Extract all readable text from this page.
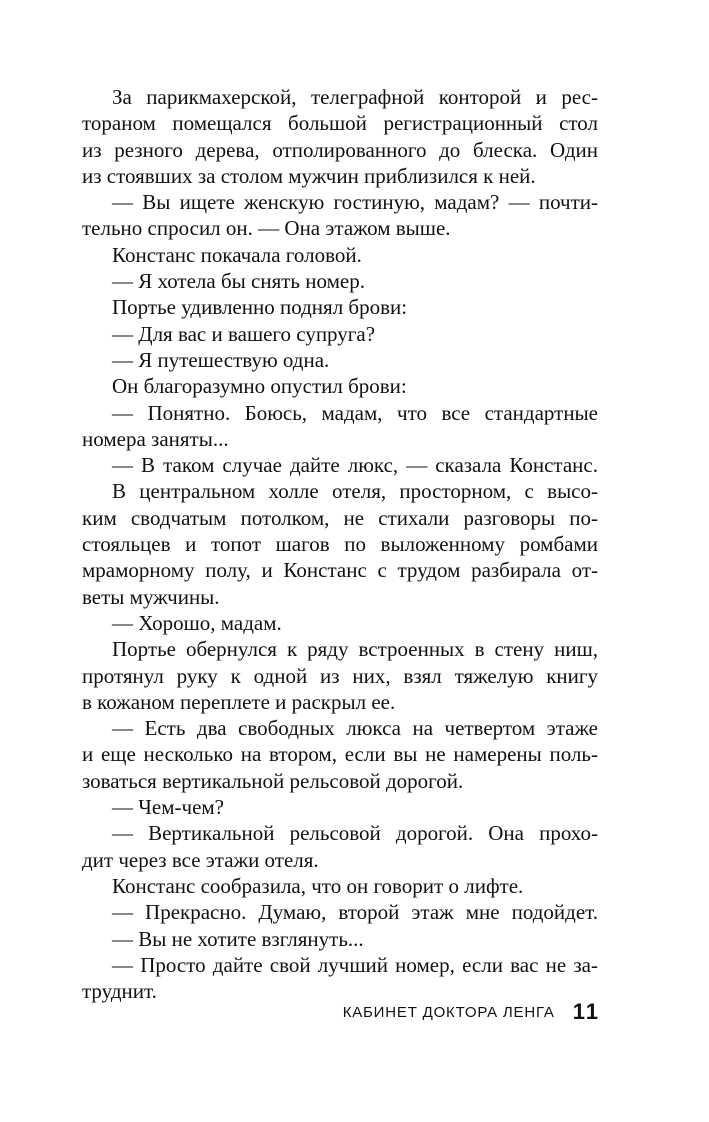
За парикмахерской, телеграфной конторой и рес-
тораном помещался большой регистрационный стол
из резного дерева, отполированного до блеска. Один
из стоявших за столом мужчин приблизился к ней.
— Вы ищете женскую гостиную, мадам? — почти-
тельно спросил он. — Она этажом выше.
Констанс покачала головой.
— Я хотела бы снять номер.
Портье удивленно поднял брови:
— Для вас и вашего супруга?
— Я путешествую одна.
Он благоразумно опустил брови:
— Понятно. Боюсь, мадам, что все стандартные
номера заняты...
— В таком случае дайте люкс, — сказала Констанс.
В центральном холле отеля, просторном, с высо-
ким сводчатым потолком, не стихали разговоры по-
стояльцев и топот шагов по выложенному ромбами
мраморному полу, и Констанс с трудом разбирала от-
веты мужчины.
— Хорошо, мадам.
Портье обернулся к ряду встроенных в стену ниш,
протянул руку к одной из них, взял тяжелую книгу
в кожаном переплете и раскрыл ее.
— Есть два свободных люкса на четвертом этаже
и еще несколько на втором, если вы не намерены поль-
зоваться вертикальной рельсовой дорогой.
— Чем-чем?
— Вертикальной рельсовой дорогой. Она прохо-
дит через все этажи отеля.
Констанс сообразила, что он говорит о лифте.
— Прекрасно. Думаю, второй этаж мне подойдет.
— Вы не хотите взглянуть...
— Просто дайте свой лучший номер, если вас не за-
труднит.
КАБИНЕТ ДОКТОРА ЛЕНГА 11
